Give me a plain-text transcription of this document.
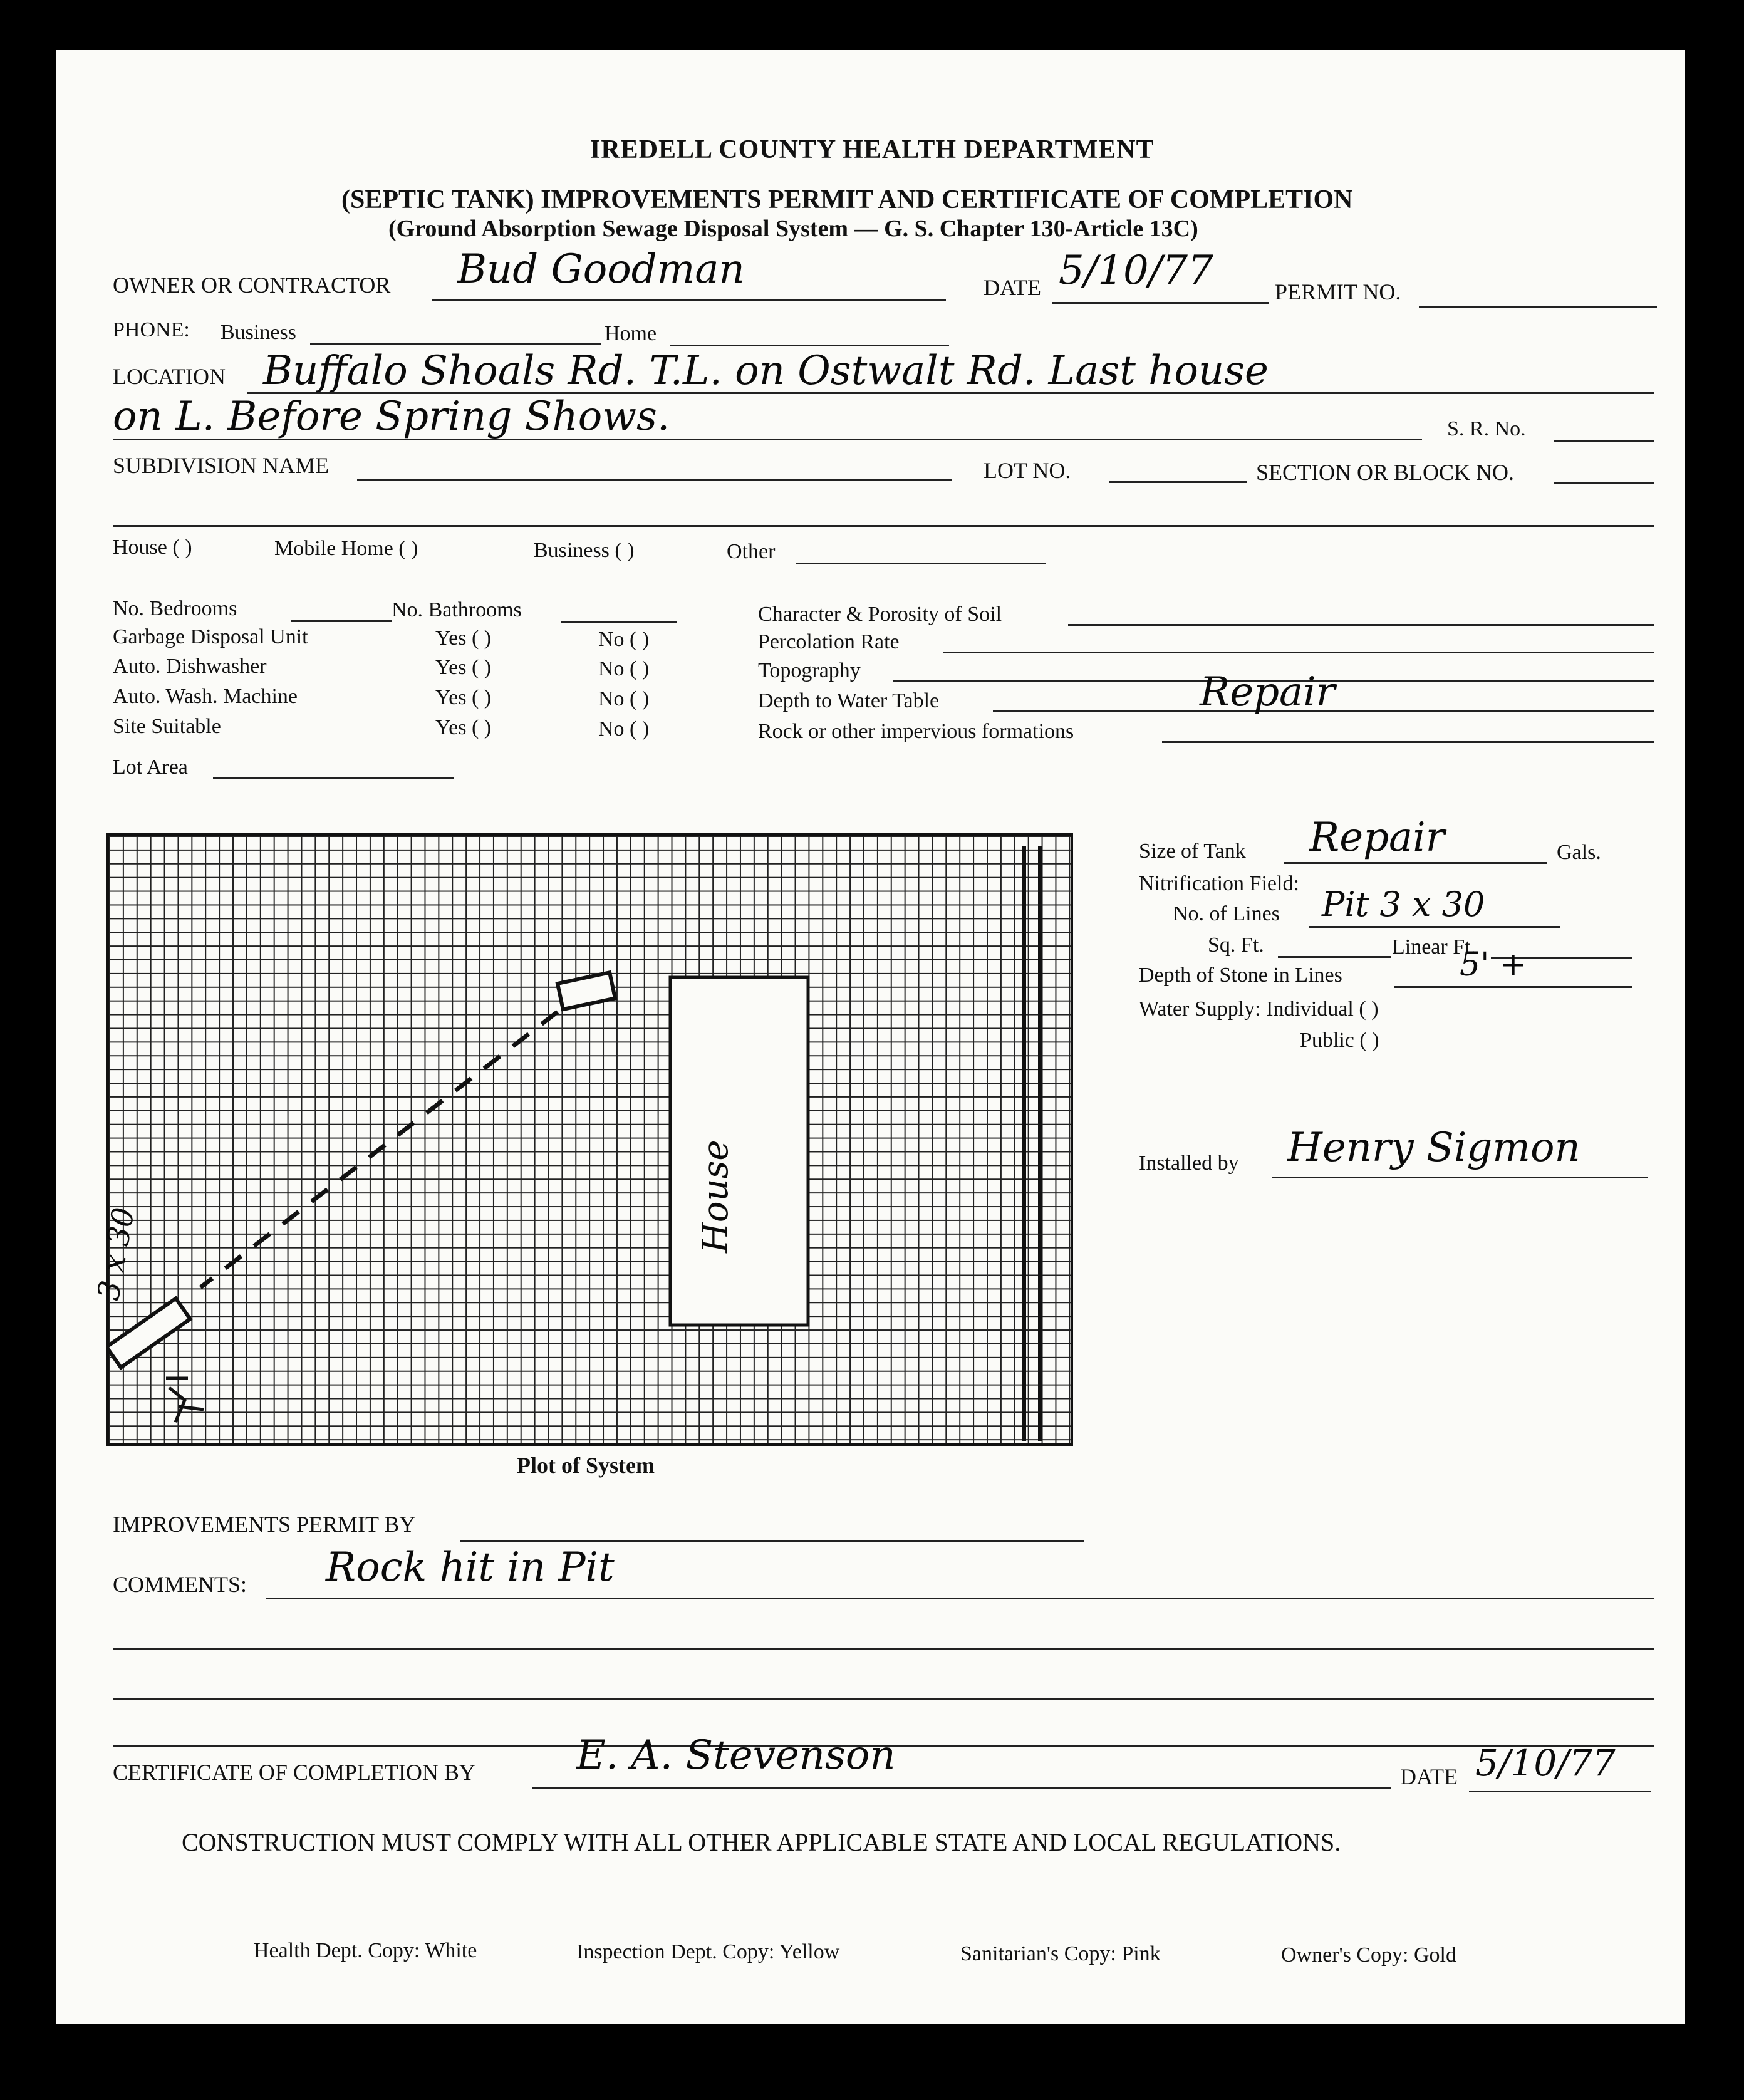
IREDELL COUNTY HEALTH DEPARTMENT
(SEPTIC TANK) IMPROVEMENTS PERMIT AND CERTIFICATE OF COMPLETION
(Ground Absorption Sewage Disposal System — G. S. Chapter 130-Article 13C)
OWNER OR CONTRACTOR Bud Goodman	DATE 5/10/77	PERMIT NO.
PHONE: Business	Home
LOCATION Buffalo Shoals Rd. T.L. on Ostwalt Rd. Last house
on L. Before Spring Shows.	S. R. No.
SUBDIVISION NAME	LOT NO.	SECTION OR BLOCK NO.
House ( )	Mobile Home ( )	Business ( )	Other
No. Bedrooms	No. Bathrooms
Garbage Disposal Unit	Yes ( )	No ( )
Auto. Dishwasher	Yes ( )	No ( )
Auto. Wash. Machine	Yes ( )	No ( )
Site Suitable	Yes ( )	No ( )
Lot Area
Character & Porosity of Soil
Percolation Rate
Topography
Depth to Water Table	Repair
Rock or other impervious formations
House
3 x 30
Plot of System
Size of Tank Repair	Gals.
Nitrification Field:
No. of Lines Pit 3 x 30
Sq. Ft.	Linear Ft.
Depth of Stone in Lines	5' +
Water Supply: Individual ( )
Public ( )
Installed by Henry Sigmon
IMPROVEMENTS PERMIT BY
COMMENTS: Rock hit in Pit
CERTIFICATE OF COMPLETION BY	E. A. Stevenson	DATE 5/10/77
CONSTRUCTION MUST COMPLY WITH ALL OTHER APPLICABLE STATE AND LOCAL REGULATIONS.
Health Dept. Copy: White	Inspection Dept. Copy: Yellow	Sanitarian's Copy: Pink	Owner's Copy: Gold
